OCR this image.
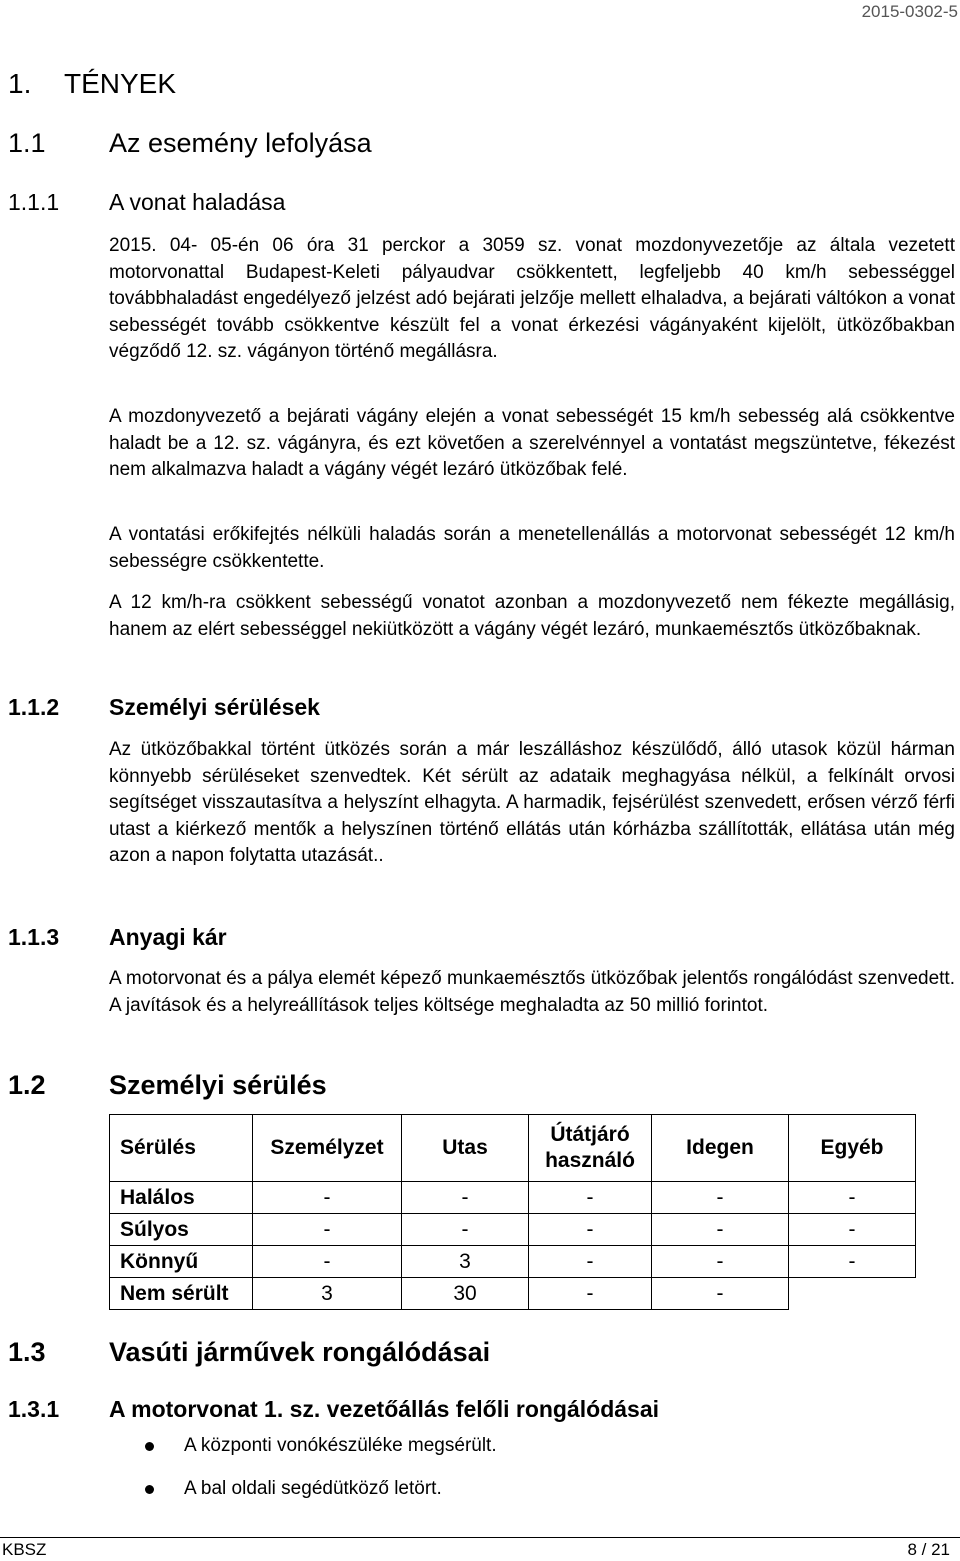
2015-0302-5
1. TÉNYEK
1.1 Az esemény lefolyása
1.1.1 A vonat haladása

2015. 04- 05-én 06 óra 31 perckor a 3059 sz. vonat mozdonyvezetője az általa vezetett motorvonattal Budapest-Keleti pályaudvar csökkentett, legfeljebb 40 km/h sebességgel továbbhaladást engedélyező jelzést adó bejárati jelzője mellett elhaladva, a bejárati váltókon a vonat sebességét tovább csökkentve készült fel a vonat érkezési vágányaként kijelölt, ütközőbakban végződő 12. sz. vágányon történő megállásra.

A mozdonyvezető a bejárati vágány elején a vonat sebességét 15 km/h sebesség alá csökkentve haladt be a 12. sz. vágányra, és ezt követően a szerelvénnyel a vontatást megszüntetve, fékezést nem alkalmazva haladt a vágány végét lezáró ütközőbak felé.

A vontatási erőkifejtés nélküli haladás során a menetellenállás a motorvonat sebességét 12 km/h sebességre csökkentette.

A 12 km/h-ra csökkent sebességű vonatot azonban a mozdonyvezető nem fékezte megállásig, hanem az elért sebességgel nekiütközött a vágány végét lezáró, munkaemésztős ütközőbaknak.

1.1.2 Személyi sérülések

Az ütközőbakkal történt ütközés során a már leszálláshoz készülődő, álló utasok közül hárman könnyebb sérüléseket szenvedtek. Két sérült az adataik meghagyása nélkül, a felkínált orvosi segítséget visszautasítva a helyszínt elhagyta. A harmadik, fejsérülést szenvedett, erősen vérző férfi utast a kiérkező mentők a helyszínen történő ellátás után kórházba szállították, ellátása után még azon a napon folytatta utazását..

1.1.3 Anyagi kár

A motorvonat és a pálya elemét képező munkaemésztős ütközőbak jelentős rongálódást szenvedett. A javítások és a helyreállítások teljes költsége meghaladta az 50 millió forintot.

1.2 Személyi sérülés
Sérülés	Személyzet	Utas	Útátjáró használó	Idegen	Egyéb
Halálos	-	-	-	-	-
Súlyos	-	-	-	-	-
Könnyű	-	3	-	-	-
Nem sérült	3	30	-	-	
1.3 Vasúti járművek rongálódásai
1.3.1 A motorvonat 1. sz. vezetőállás felőli rongálódásai
A központi vonókészüléke megsérült.
A bal oldali segédütköző letört.
KBSZ	8 / 21
